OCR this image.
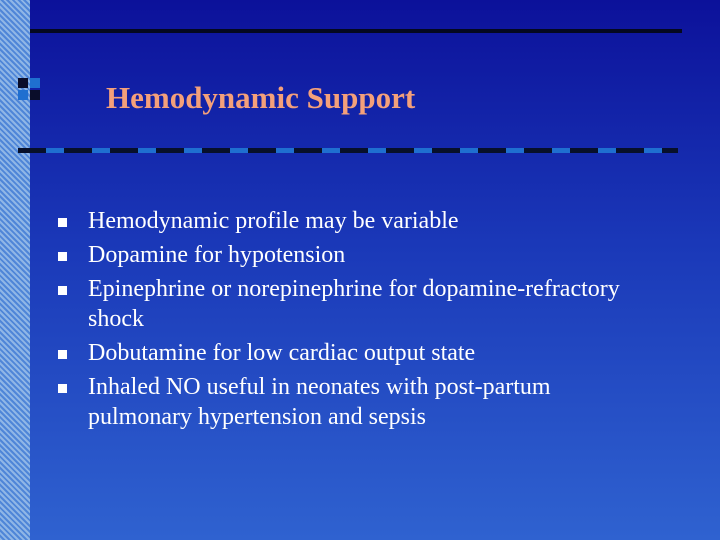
Hemodynamic Support
Hemodynamic profile may be variable
Dopamine for hypotension
Epinephrine or norepinephrine for dopamine-refractory shock
Dobutamine for low cardiac output state
Inhaled NO useful in neonates with post-partum pulmonary hypertension and sepsis
